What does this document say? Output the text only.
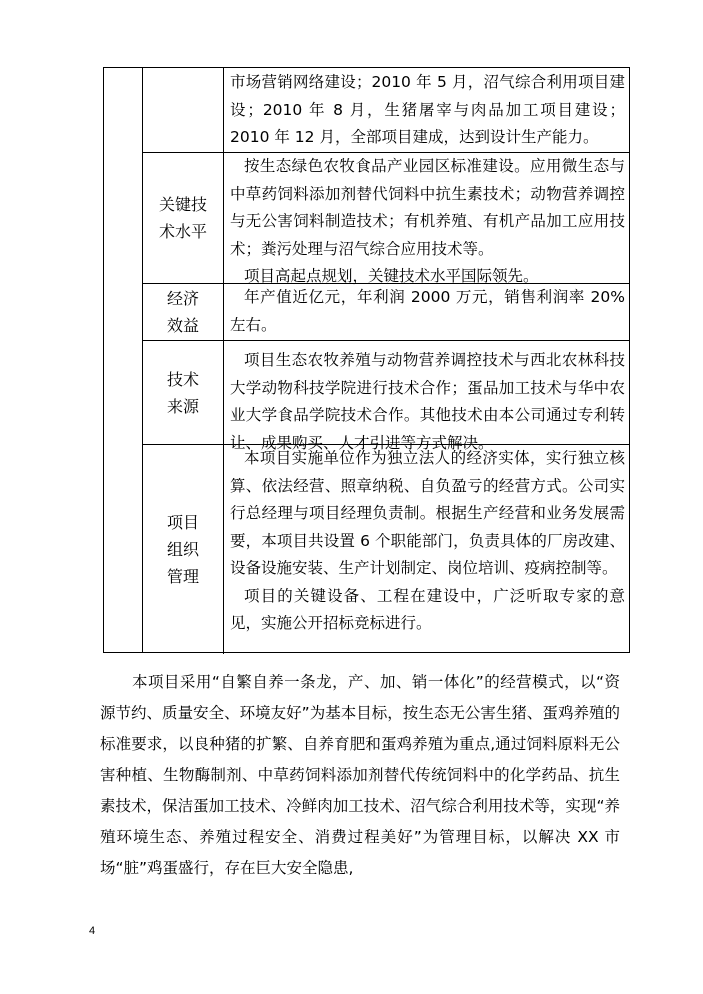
市场营销网络建设；2010 年 5 月，沼气综合利用项目建设；2010 年 8 月，生猪屠宰与肉品加工项目建设；2010 年 12 月，全部项目建成，达到设计生产能力。

关键技
术水平

按生态绿色农牧食品产业园区标准建设。应用微生态与中草药饲料添加剂替代饲料中抗生素技术；动物营养调控与无公害饲料制造技术；有机养殖、有机产品加工应用技术；粪污处理与沼气综合应用技术等。

项目高起点规划，关键技术水平国际领先。

经济
效益

年产值近亿元，年利润 2000 万元，销售利润率 20%左右。

技术
来源

项目生态农牧养殖与动物营养调控技术与西北农林科技大学动物科技学院进行技术合作；蛋品加工技术与华中农业大学食品学院技术合作。其他技术由本公司通过专利转让、成果购买、人才引进等方式解决。

项目
组织
管理

本项目实施单位作为独立法人的经济实体，实行独立核算、依法经营、照章纳税、自负盈亏的经营方式。公司实行总经理与项目经理负责制。根据生产经营和业务发展需要，本项目共设置 6 个职能部门，负责具体的厂房改建、设备设施安装、生产计划制定、岗位培训、疫病控制等。

项目的关键设备、工程在建设中，广泛听取专家的意见，实施公开招标竞标进行。

本项目采用“自繁自养一条龙，产、加、销一体化”的经营模式，以“资源节约、质量安全、环境友好”为基本目标，按生态无公害生猪、蛋鸡养殖的标准要求，以良种猪的扩繁、自养育肥和蛋鸡养殖为重点,通过饲料原料无公害种植、生物酶制剂、中草药饲料添加剂替代传统饲料中的化学药品、抗生素技术，保洁蛋加工技术、冷鲜肉加工技术、沼气综合利用技术等，实现“养殖环境生态、养殖过程安全、消费过程美好”为管理目标，以解决 XX 市场“脏”鸡蛋盛行，存在巨大安全隐患,

4
